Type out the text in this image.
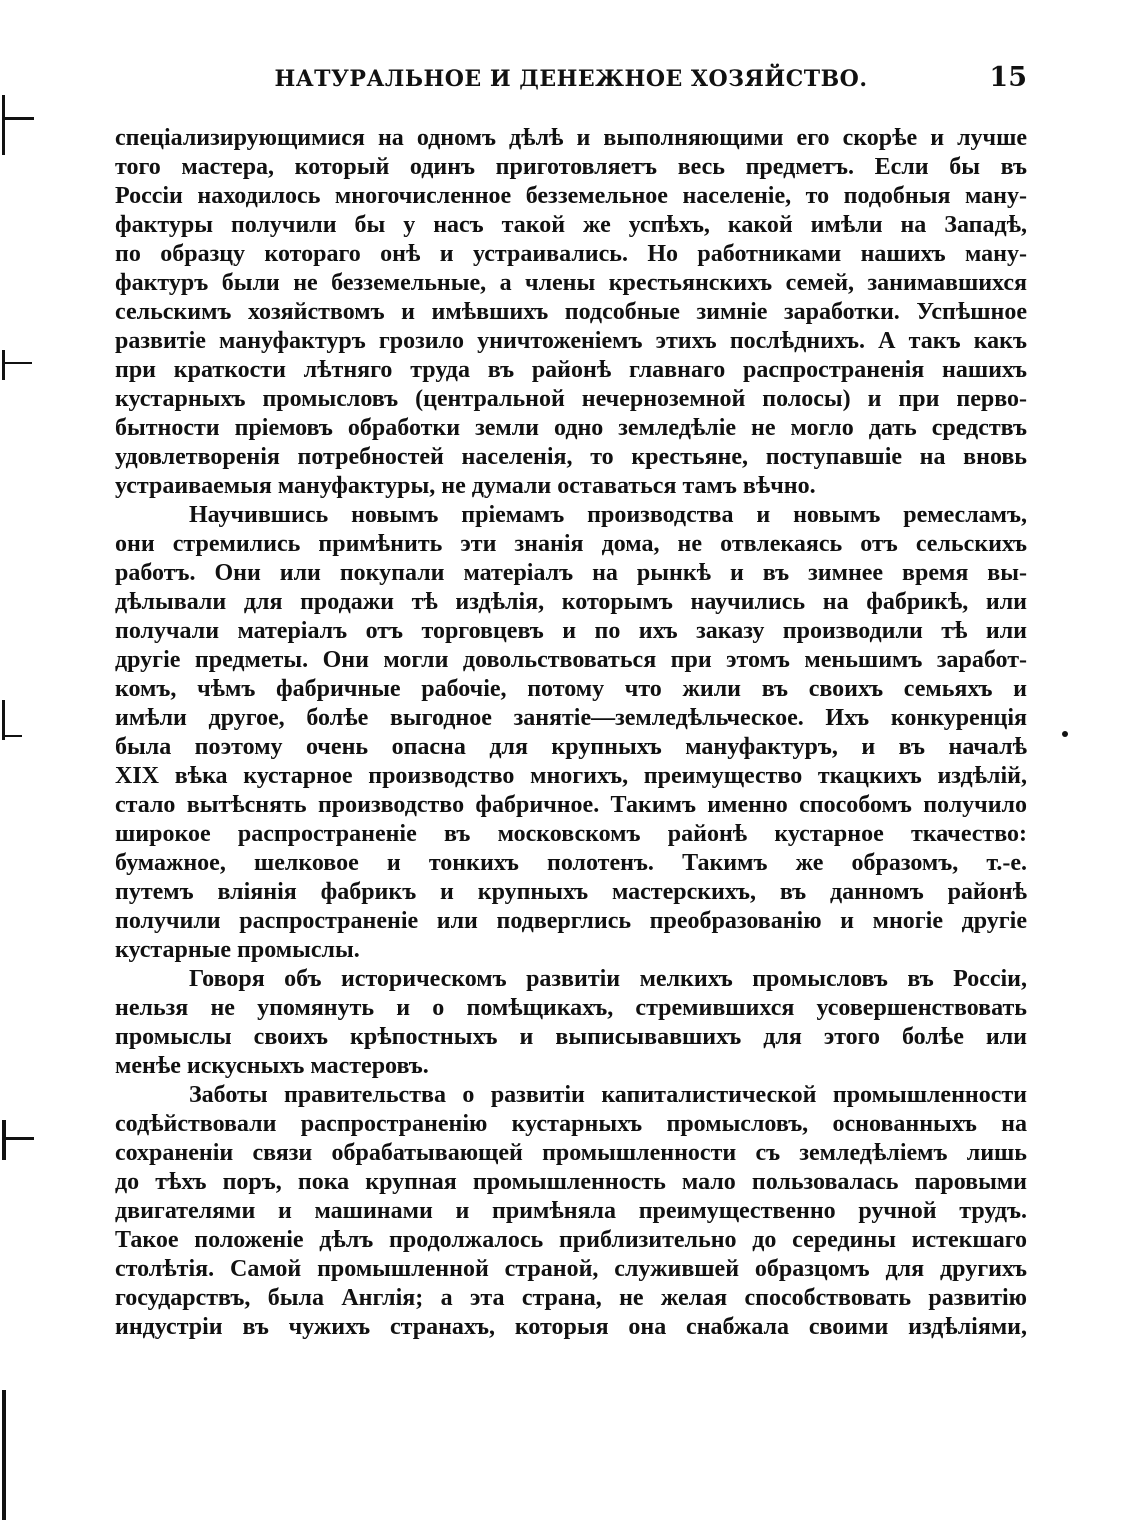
НАТУРАЛЬНОЕ И ДЕНЕЖНОЕ ХОЗЯЙСТВО.	15
спеціализирующимися на одномъ дѣлѣ и выполняющими его скорѣе и лучше
того мастера, который одинъ приготовляетъ весь предметъ. Если бы въ
Россіи находилось многочисленное безземельное населеніе, то подобныя ману-
фактуры получили бы у насъ такой же успѣхъ, какой имѣли на Западѣ,
по образцу котораго онѣ и устраивались. Но работниками нашихъ ману-
фактуръ были не безземельные, а члены крестьянскихъ семей, занимавшихся
сельскимъ хозяйствомъ и имѣвшихъ подсобные зимніе заработки. Успѣшное
развитіе мануфактуръ грозило уничтоженіемъ этихъ послѣднихъ. А такъ какъ
при краткости лѣтняго труда въ районѣ главнаго распространенія нашихъ
кустарныхъ промысловъ (центральной нечерноземной полосы) и при перво-
бытности пріемовъ обработки земли одно земледѣліе не могло дать средствъ
удовлетворенія потребностей населенія, то крестьяне, поступавшіе на вновь
устраиваемыя мануфактуры, не думали оставаться тамъ вѣчно.
Научившись новымъ пріемамъ производства и новымъ ремесламъ,
они стремились примѣнить эти знанія дома, не отвлекаясь отъ сельскихъ
работъ. Они или покупали матеріалъ на рынкѣ и въ зимнее время вы-
дѣлывали для продажи тѣ издѣлія, которымъ научились на фабрикѣ, или
получали матеріалъ отъ торговцевъ и по ихъ заказу производили тѣ или
другіе предметы. Они могли довольствоваться при этомъ меньшимъ заработ-
комъ, чѣмъ фабричные рабочіе, потому что жили въ своихъ семьяхъ и
имѣли другое, болѣе выгодное занятіе—земледѣльческое. Ихъ конкуренція
была поэтому очень опасна для крупныхъ мануфактуръ, и въ началѣ
XIX вѣка кустарное производство многихъ, преимущество ткацкихъ издѣлій,
стало вытѣснять производство фабричное. Такимъ именно способомъ получило
широкое распространеніе въ московскомъ районѣ кустарное ткачество:
бумажное, шелковое и тонкихъ полотенъ. Такимъ же образомъ, т.-е.
путемъ вліянія фабрикъ и крупныхъ мастерскихъ, въ данномъ районѣ
получили распространеніе или подверглись преобразованію и многіе другіе
кустарные промыслы.
Говоря объ историческомъ развитіи мелкихъ промысловъ въ Россіи,
нельзя не упомянуть и о помѣщикахъ, стремившихся усовершенствовать
промыслы своихъ крѣпостныхъ и выписывавшихъ для этого болѣе или
менѣе искусныхъ мастеровъ.
Заботы правительства о развитіи капиталистической промышленности
содѣйствовали распространенію кустарныхъ промысловъ, основанныхъ на
сохраненіи связи обрабатывающей промышленности съ земледѣліемъ лишь
до тѣхъ поръ, пока крупная промышленность мало пользовалась паровыми
двигателями и машинами и примѣняла преимущественно ручной трудъ.
Такое положеніе дѣлъ продолжалось приблизительно до середины истекшаго
столѣтія. Самой промышленной страной, служившей образцомъ для другихъ
государствъ, была Англія; а эта страна, не желая способствовать развитію
индустріи въ чужихъ странахъ, которыя она снабжала своими издѣліями,
